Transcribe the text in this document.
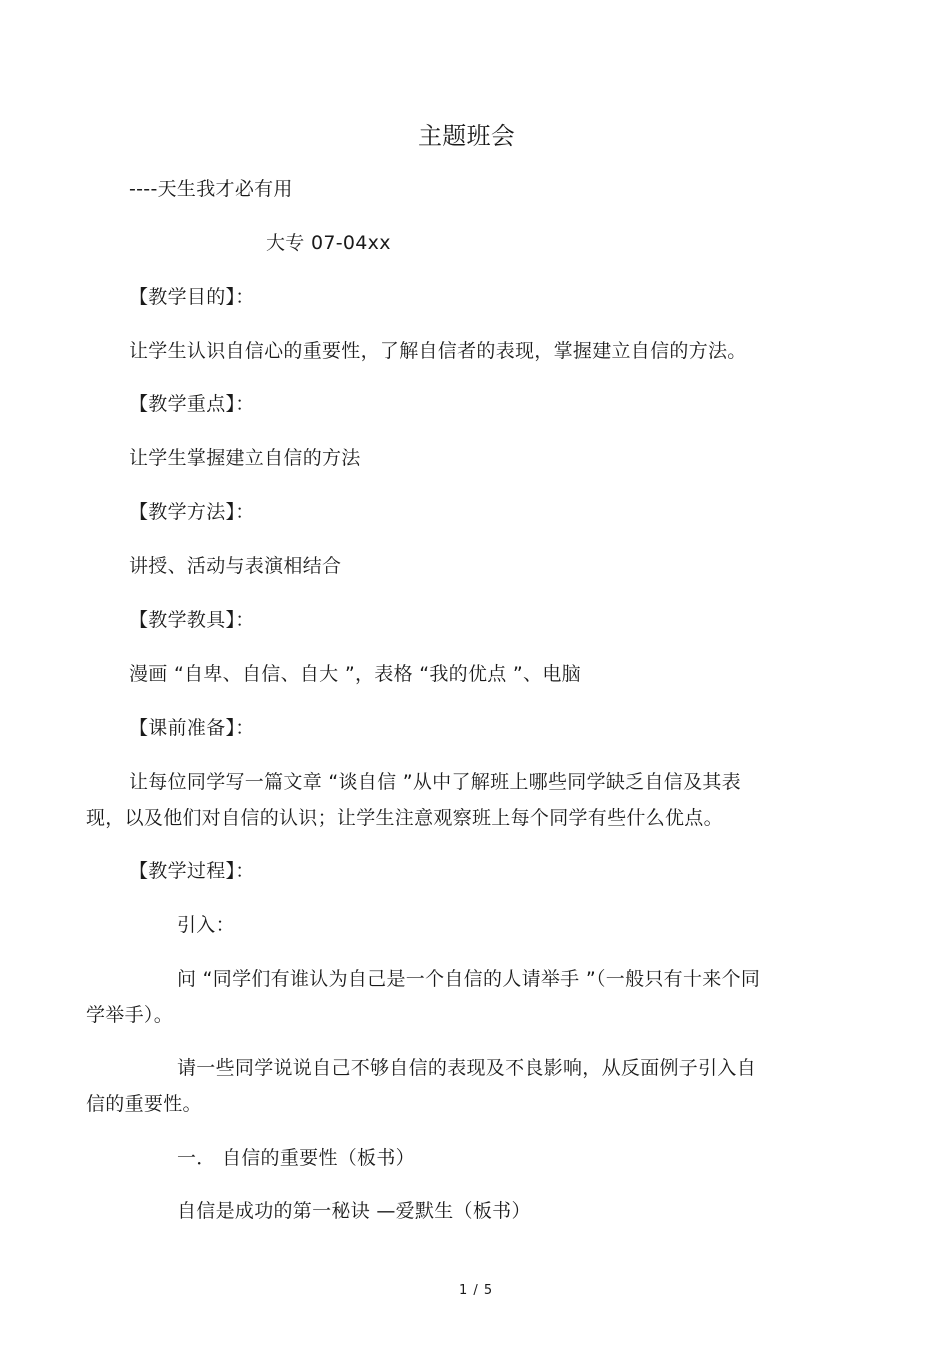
主题班会
----天生我才必有用
大专 07-04xx
【教学目的】：
让学生认识自信心的重要性，了解自信者的表现，掌握建立自信的方法。
【教学重点】：
让学生掌握建立自信的方法
【教学方法】：
讲授、活动与表演相结合
【教学教具】：
漫画 “自卑、自信、自大 ”，表格 “我的优点 ”、电脑
【课前准备】：
让每位同学写一篇文章 “谈自信 ”从中了解班上哪些同学缺乏自信及其表
现，以及他们对自信的认识；让学生注意观察班上每个同学有些什么优点。
【教学过程】：
引入：
问 “同学们有谁认为自己是一个自信的人请举手 ”（一般只有十来个同
学举手）。
请一些同学说说自己不够自信的表现及不良影响，从反面例子引入自
信的重要性。
一． 自信的重要性（板书）
自信是成功的第一秘诀 —爱默生（板书）
1 / 5
